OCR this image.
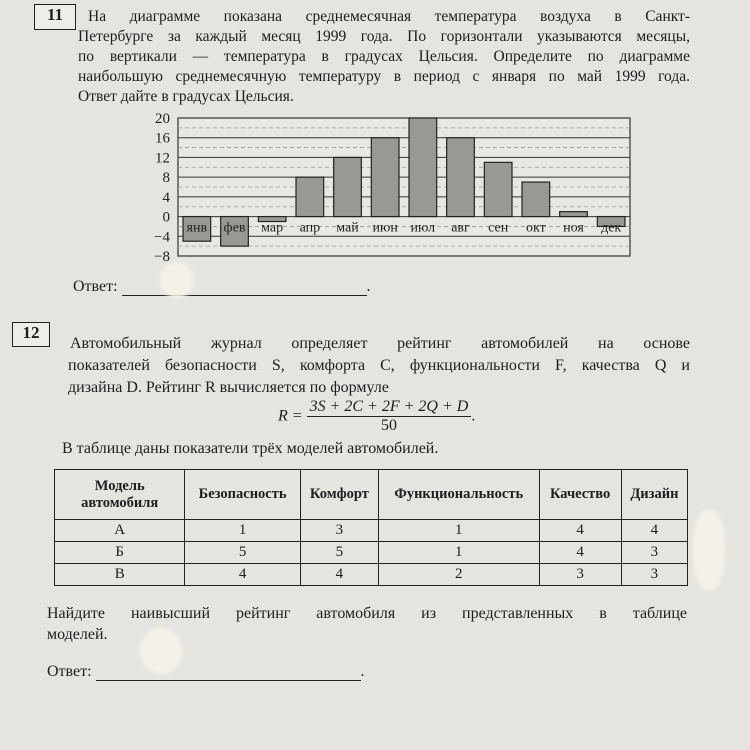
11	На диаграмме показана среднемесячная температура воздуха в Санкт-
Петербурге за каждый месяц 1999 года. По горизонтали указываются месяцы,
по вертикали — температура в градусах Цельсия. Определите по диаграмме
наибольшую среднемесячную температуру в период с января по май 1999 года.
Ответ дайте в градусах Цельсия.
20
16
12
8
4
0
−4
−8
янв фев мар апр май июн июл авг сен окт ноя дек
Ответ:	.
12
Автомобильный журнал определяет рейтинг автомобилей на основе
показателей безопасности S, комфорта C, функциональности F, качества Q и
дизайна D. Рейтинг R вычисляется по формуле
$R = \frac{3S + 2C + 2F + 2Q + D}{50}$ .
В таблице даны показатели трёх моделей автомобилей.
Модель автомобиля	Безопасность	Комфорт	Функциональность	Качество	Дизайн
А	1	3	1	4	4
Б	5	5	1	4	3
В	4	4	2	3	3
Найдите наивысший рейтинг автомобиля из представленных в таблице
моделей.
Ответ:	.
